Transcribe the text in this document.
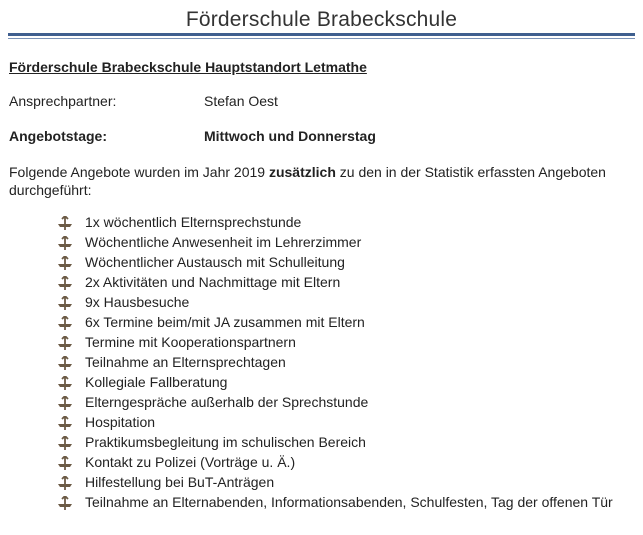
Förderschule Brabeckschule
Förderschule Brabeckschule Hauptstandort Letmathe
Ansprechpartner:	Stefan Oest
Angebotstage:	Mittwoch und Donnerstag
Folgende Angebote wurden im Jahr 2019 zusätzlich zu den in der Statistik erfassten Angeboten durchgeführt:
1x wöchentlich Elternsprechstunde
Wöchentliche Anwesenheit im Lehrerzimmer
Wöchentlicher Austausch mit Schulleitung
2x Aktivitäten und Nachmittage mit Eltern
9x Hausbesuche
6x Termine beim/mit JA zusammen mit Eltern
Termine mit Kooperationspartnern
Teilnahme an Elternsprechtagen
Kollegiale Fallberatung
Elterngespräche außerhalb der Sprechstunde
Hospitation
Praktikumsbegleitung im schulischen Bereich
Kontakt zu Polizei (Vorträge u. Ä.)
Hilfestellung bei BuT-Anträgen
Teilnahme an Elternabenden, Informationsabenden, Schulfesten, Tag der offenen Tür
